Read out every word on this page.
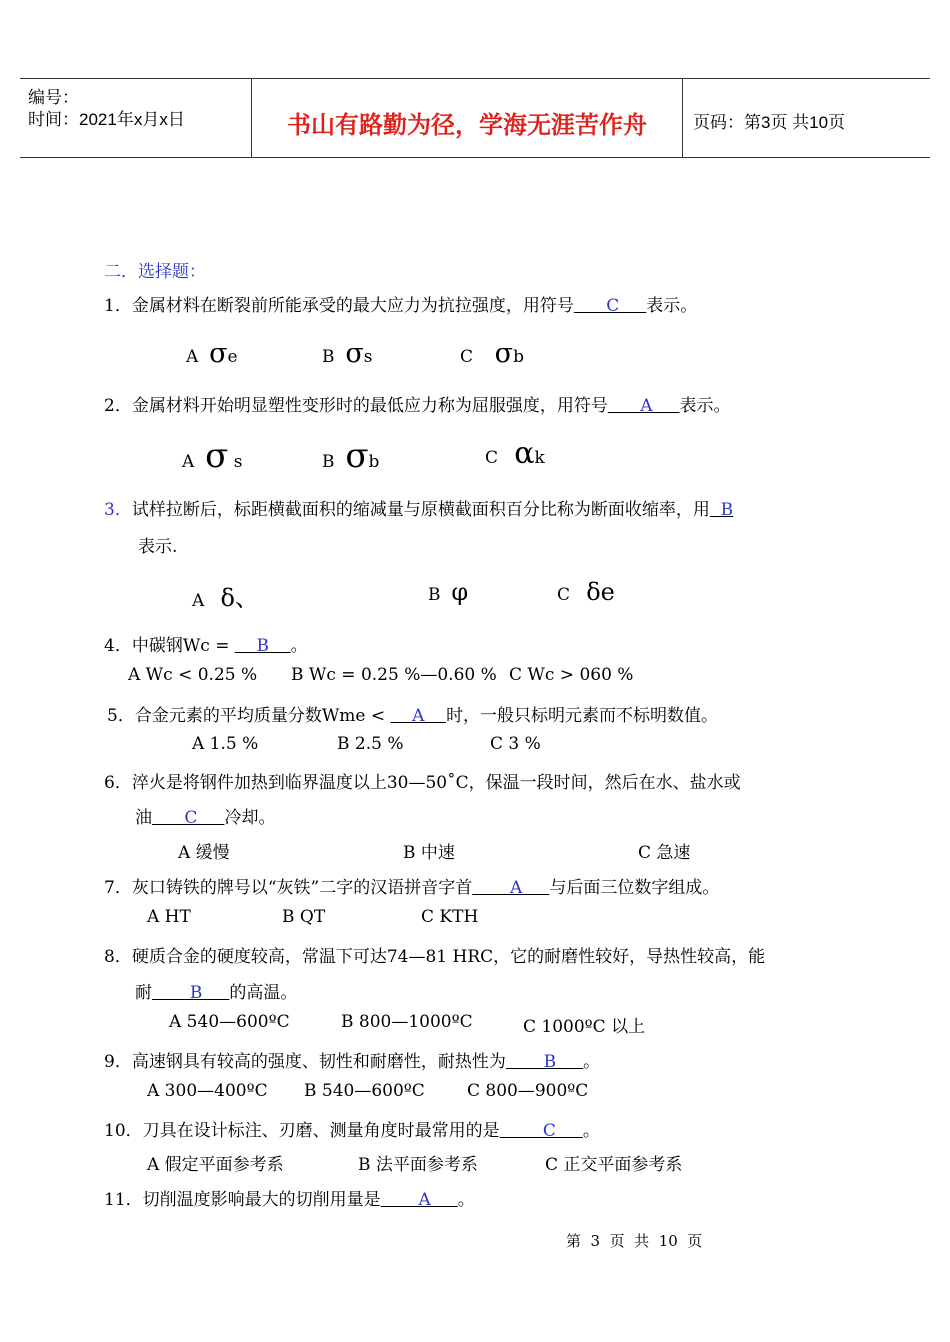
编号：
时间：2021年x月x日	书山有路勤为径，学海无涯苦作舟	页码：第3页 共10页
二．选择题：
1．金属材料在断裂前所能承受的最大应力为抗拉强度，用符号      C     表示。
A σe	B σs	C σb
2．金属材料开始明显塑性变形时的最低应力称为屈服强度，用符号      A     表示。
A σ s	B σb	C αk
3．试样拉断后，标距横截面积的缩减量与原横截面积百分比称为断面收缩率，用  B
表示.
A δ、	B φ	C δe
4．中碳钢Wc =     B    。
A Wc < 0.25 % B Wc = 0.25 %—0.60 % C Wc > 060 %
5．合金元素的平均质量分数Wme <     A    时，一般只标明元素而不标明数值。
A 1.5 %	B 2.5 %	C 3 %
6．淬火是将钢件加热到临界温度以上30—50˚C，保温一段时间，然后在水、盐水或
油      C     冷却。
A 缓慢	B 中速	C 急速
7．灰口铸铁的牌号以“灰铁”二字的汉语拼音字首       A     与后面三位数字组成。
A HT	B QT	C KTH
8．硬质合金的硬度较高，常温下可达74—81 HRC，它的耐磨性较好，导热性较高，能
耐       B     的高温。
A 540—600ºC	B 800—1000ºC	C 1000ºC 以上
9．高速钢具有较高的强度、韧性和耐磨性，耐热性为       B     。
A 300—400ºC B 540—600ºC C 800—900ºC
10．刀具在设计标注、刃磨、测量角度时最常用的是        C     。
A 假定平面参考系	B 法平面参考系	C 正交平面参考系
11．切削温度影响最大的切削用量是       A     。
第  3  页  共  10  页
